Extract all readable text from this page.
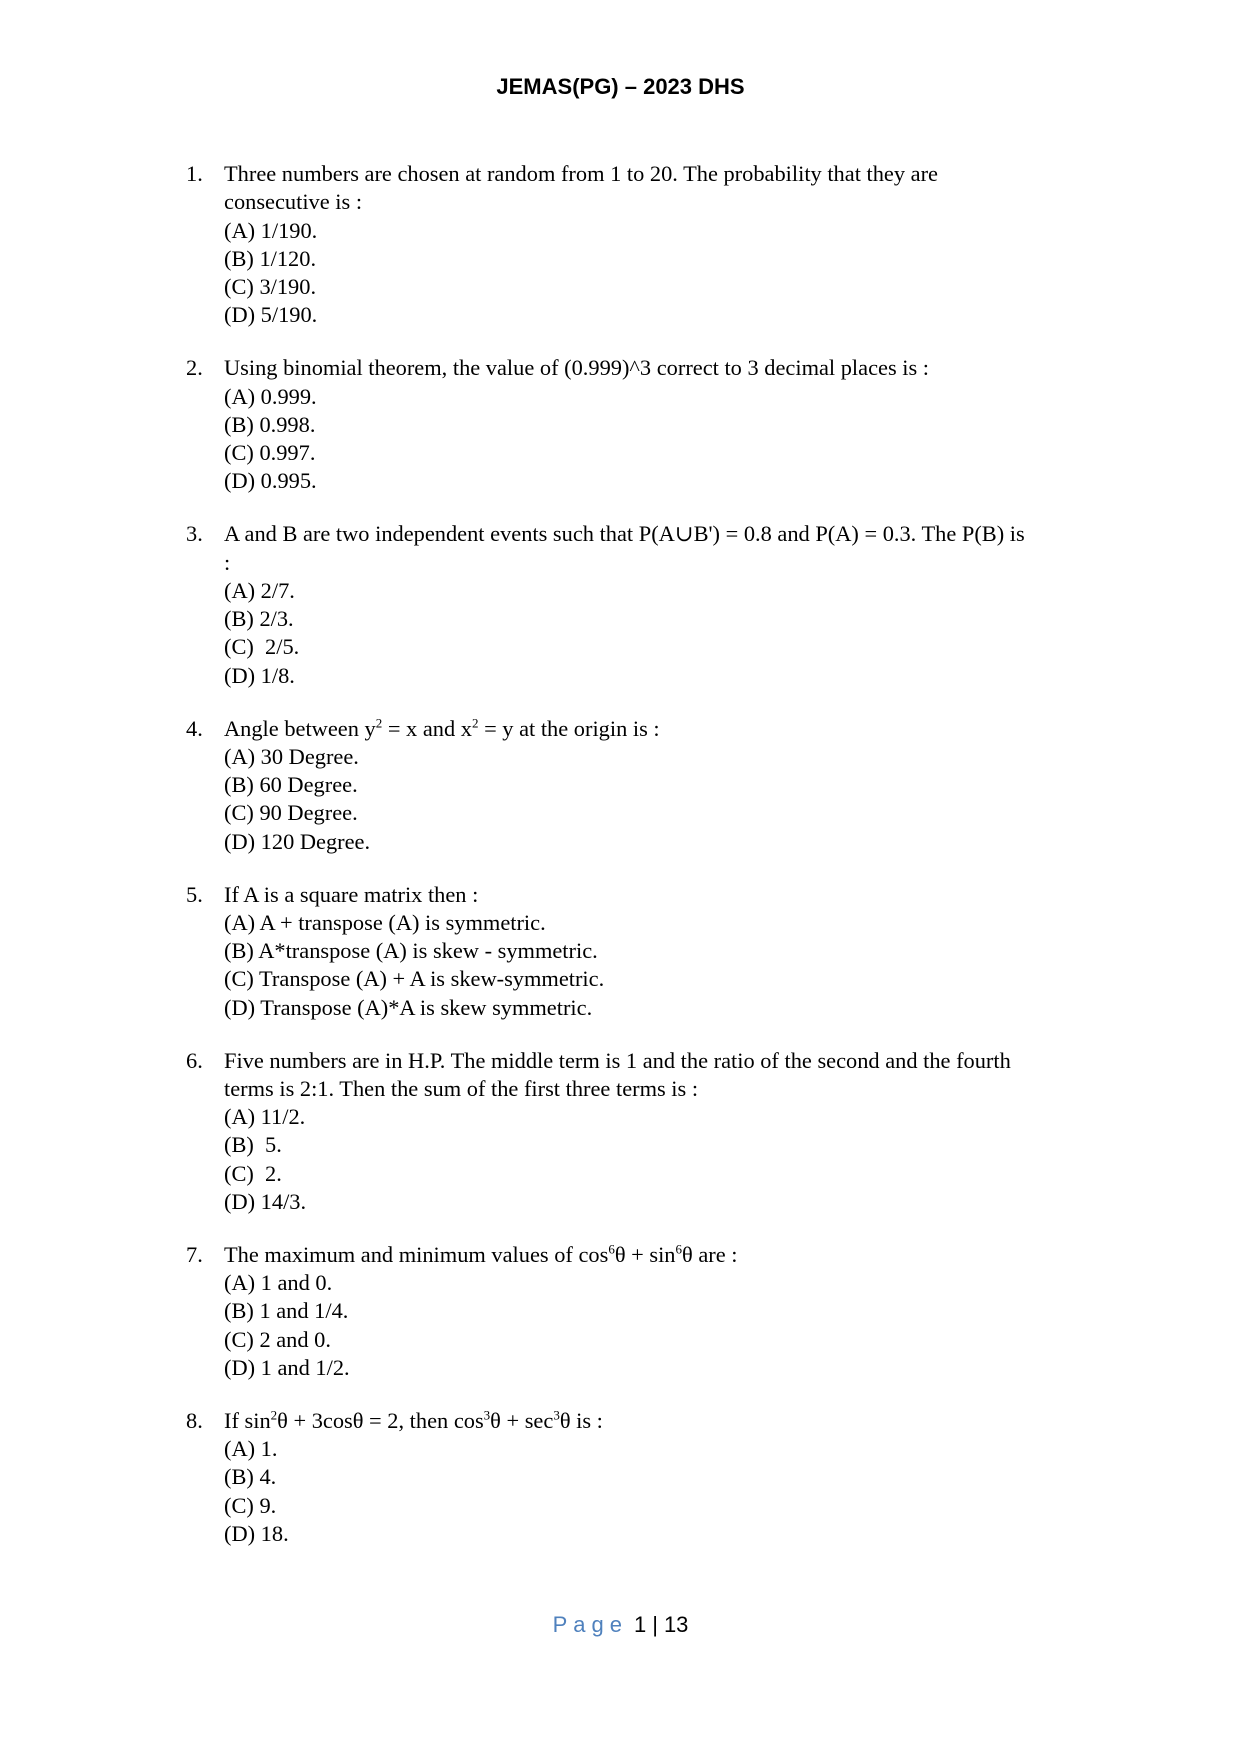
JEMAS(PG) – 2023 DHS
1. Three numbers are chosen at random from 1 to 20. The probability that they are
consecutive is :
(A) 1/190.
(B) 1/120.
(C) 3/190.
(D) 5/190.
2. Using binomial theorem, the value of (0.999)^3 correct to 3 decimal places is :
(A) 0.999.
(B) 0.998.
(C) 0.997.
(D) 0.995.
3. A and B are two independent events such that P(A∪B') = 0.8 and P(A) = 0.3. The P(B) is
:
(A) 2/7.
(B) 2/3.
(C)  2/5.
(D) 1/8.
4. Angle between $y^2 = x$ and $x^2 = y$ at the origin is :
(A) 30 Degree.
(B) 60 Degree.
(C) 90 Degree.
(D) 120 Degree.
5. If A is a square matrix then :
(A) A + transpose (A) is symmetric.
(B) A*transpose (A) is skew - symmetric.
(C) Transpose (A) + A is skew-symmetric.
(D) Transpose (A)*A is skew symmetric.
6. Five numbers are in H.P. The middle term is 1 and the ratio of the second and the fourth
terms is 2:1. Then the sum of the first three terms is :
(A) 11/2.
(B)  5.
(C)  2.
(D) 14/3.
7. The maximum and minimum values of $\cos^6\theta + \sin^6\theta$ are :
(A) 1 and 0.
(B) 1 and 1/4.
(C) 2 and 0.
(D) 1 and 1/2.
8. If $\sin^2\theta + 3\cos\theta = 2$, then $\cos^3\theta + \sec^3\theta$ is :
(A) 1.
(B) 4.
(C) 9.
(D) 18.
Page 1 | 13
